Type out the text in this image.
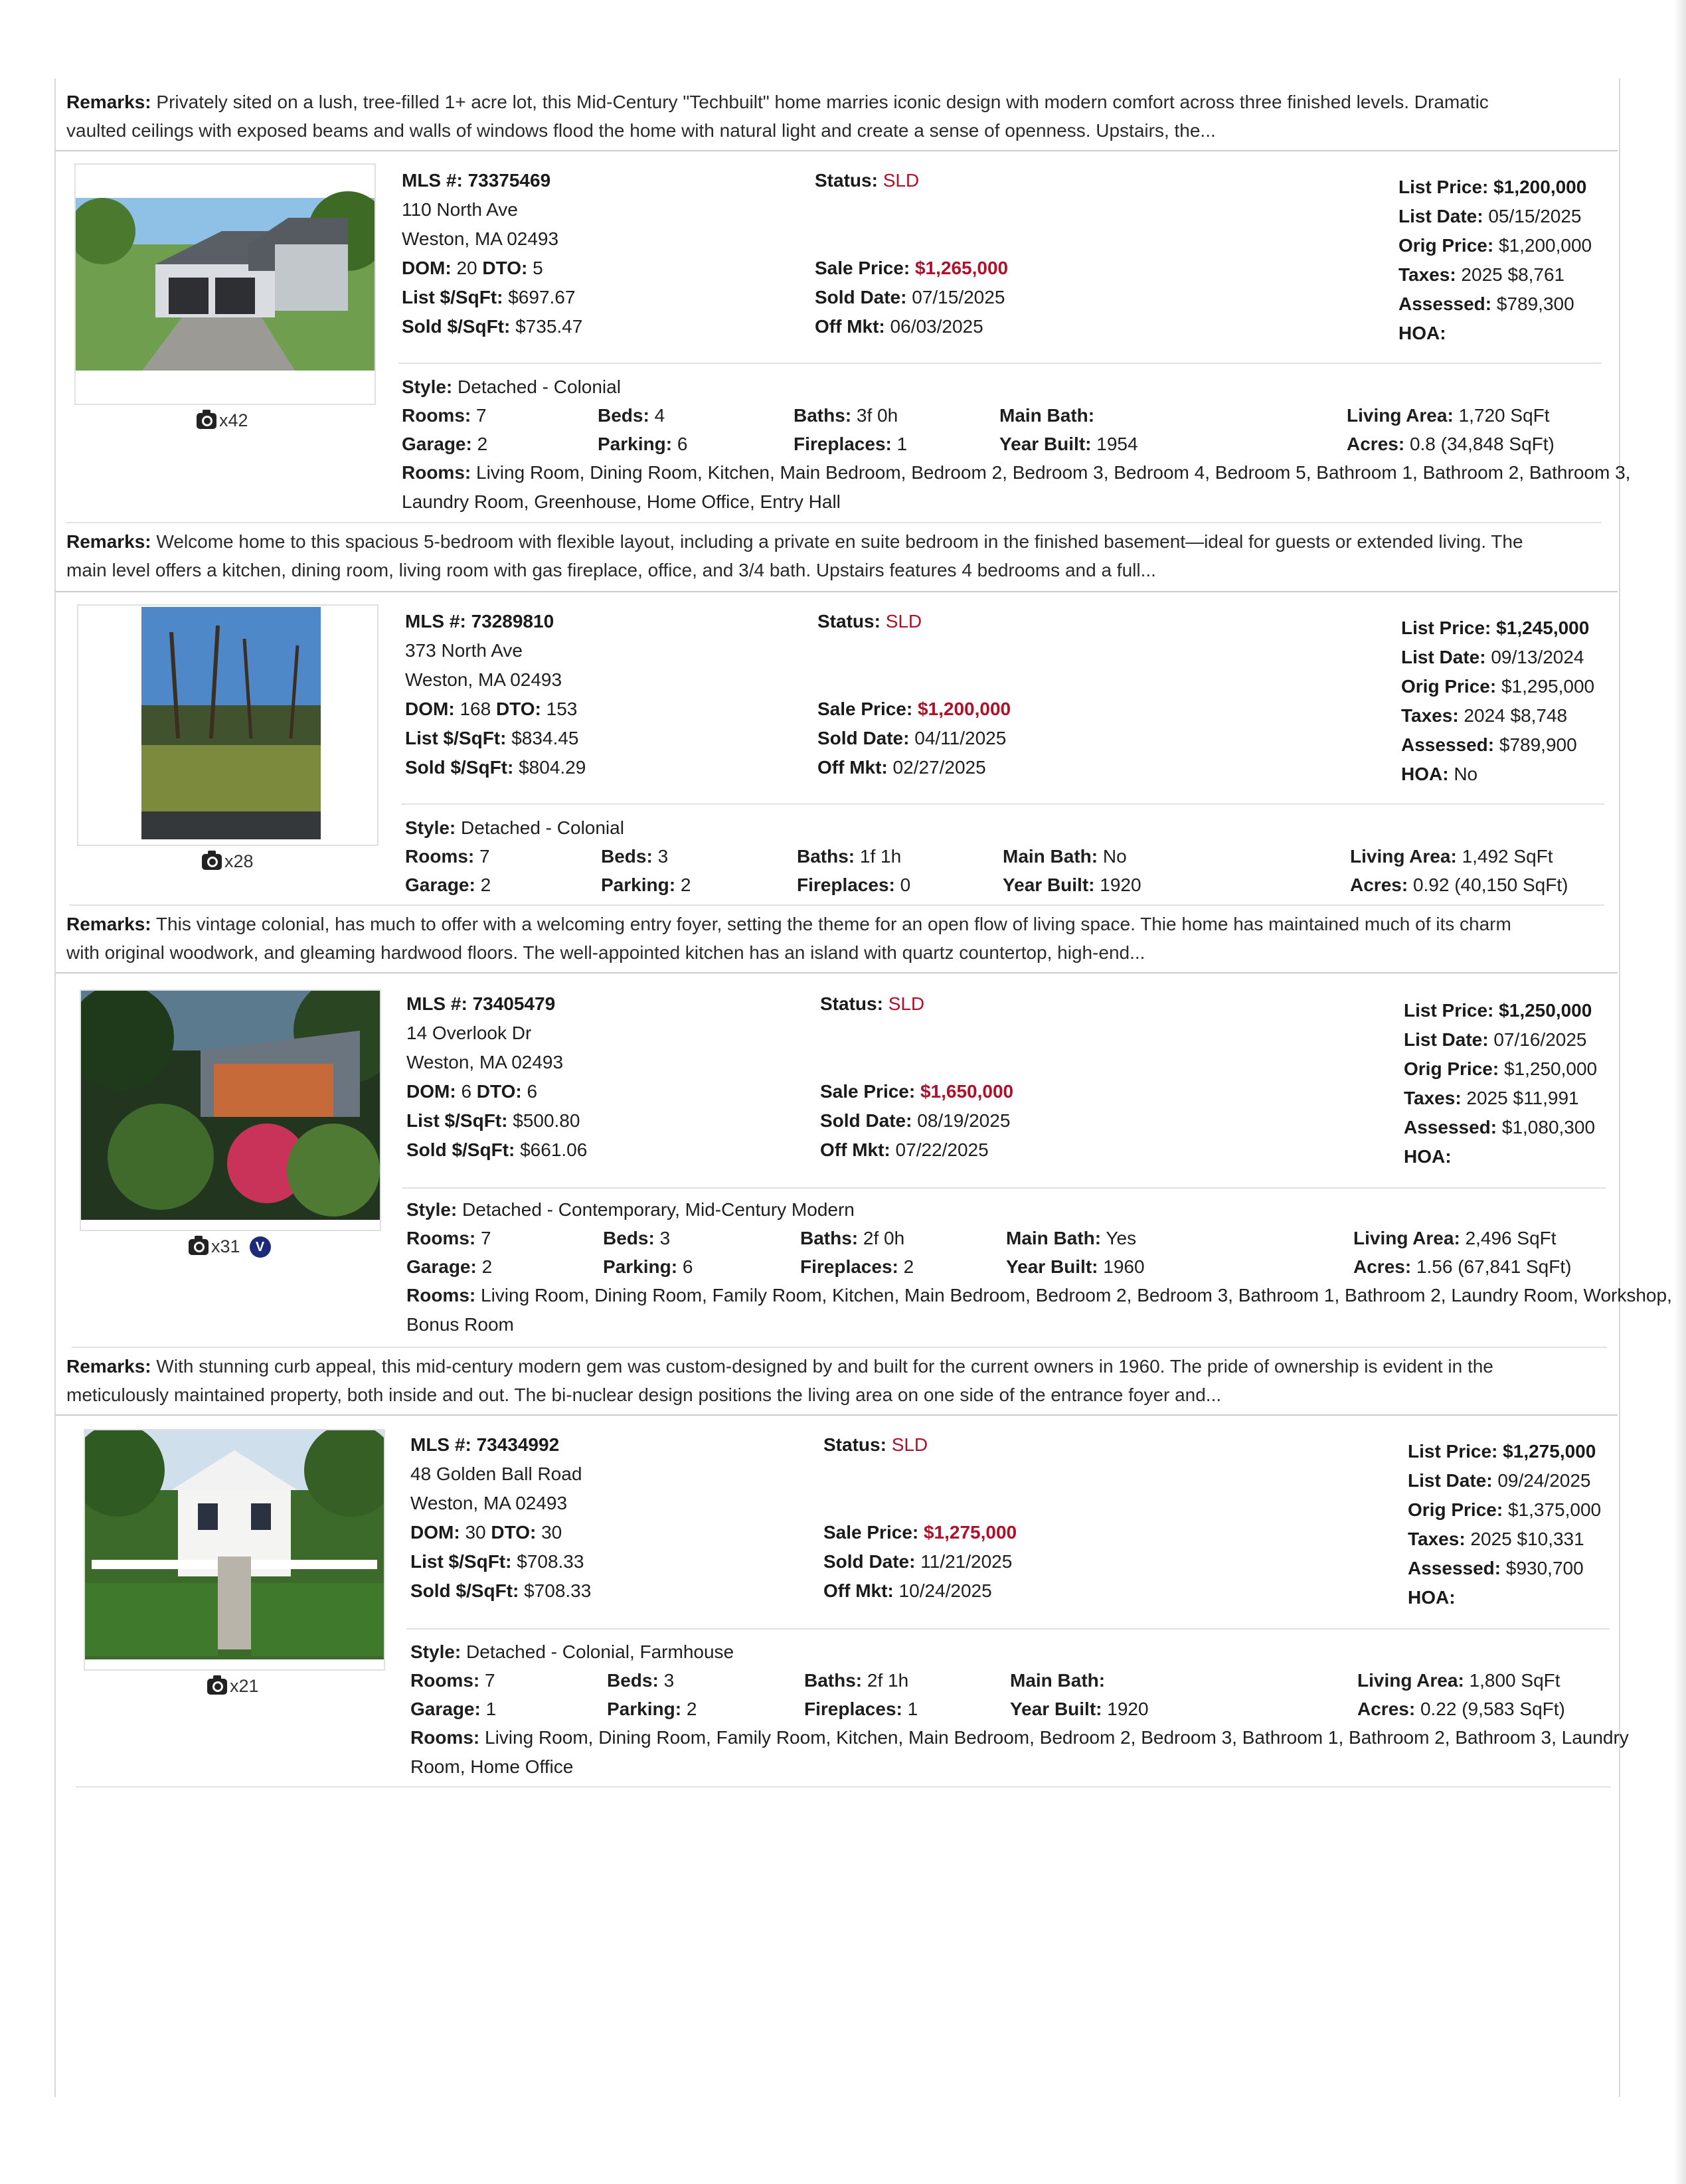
Remarks: Privately sited on a lush, tree-filled 1+ acre lot, this Mid-Century "Techbuilt" home marries iconic design with modern comfort across three finished levels. Dramatic vaulted ceilings with exposed beams and walls of windows flood the home with natural light and create a sense of openness. Upstairs, the...
x42
MLS #: 73375469
110 North Ave
Weston, MA 02493
DOM: 20 DTO: 5
List $/SqFt: $697.67
Sold $/SqFt: $735.47
Status: SLD
Sale Price: $1,265,000
Sold Date: 07/15/2025
Off Mkt: 06/03/2025
List Price: $1,200,000
List Date: 05/15/2025
Orig Price: $1,200,000
Taxes: 2025 $8,761
Assessed: $789,300
HOA:
Style: Detached - Colonial
Rooms: 7	Beds: 4	Baths: 3f 0h	Main Bath:	Living Area: 1,720 SqFt
Garage: 2	Parking: 6	Fireplaces: 1	Year Built: 1954	Acres: 0.8 (34,848 SqFt)
Rooms: Living Room, Dining Room, Kitchen, Main Bedroom, Bedroom 2, Bedroom 3, Bedroom 4, Bedroom 5, Bathroom 1, Bathroom 2, Bathroom 3, Laundry Room, Greenhouse, Home Office, Entry Hall
Remarks: Welcome home to this spacious 5-bedroom with flexible layout, including a private en suite bedroom in the finished basement—ideal for guests or extended living. The main level offers a kitchen, dining room, living room with gas fireplace, office, and 3/4 bath. Upstairs features 4 bedrooms and a full...
x28
MLS #: 73289810
373 North Ave
Weston, MA 02493
DOM: 168 DTO: 153
List $/SqFt: $834.45
Sold $/SqFt: $804.29
Status: SLD
Sale Price: $1,200,000
Sold Date: 04/11/2025
Off Mkt: 02/27/2025
List Price: $1,245,000
List Date: 09/13/2024
Orig Price: $1,295,000
Taxes: 2024 $8,748
Assessed: $789,900
HOA: No
Style: Detached - Colonial
Rooms: 7	Beds: 3	Baths: 1f 1h	Main Bath: No	Living Area: 1,492 SqFt
Garage: 2	Parking: 2	Fireplaces: 0	Year Built: 1920	Acres: 0.92 (40,150 SqFt)
Remarks: This vintage colonial, has much to offer with a welcoming entry foyer, setting the theme for an open flow of living space. Thie home has maintained much of its charm with original woodwork, and gleaming hardwood floors. The well-appointed kitchen has an island with quartz countertop, high-end...
x31	V
MLS #: 73405479
14 Overlook Dr
Weston, MA 02493
DOM: 6 DTO: 6
List $/SqFt: $500.80
Sold $/SqFt: $661.06
Status: SLD
Sale Price: $1,650,000
Sold Date: 08/19/2025
Off Mkt: 07/22/2025
List Price: $1,250,000
List Date: 07/16/2025
Orig Price: $1,250,000
Taxes: 2025 $11,991
Assessed: $1,080,300
HOA:
Style: Detached - Contemporary, Mid-Century Modern
Rooms: 7	Beds: 3	Baths: 2f 0h	Main Bath: Yes	Living Area: 2,496 SqFt
Garage: 2	Parking: 6	Fireplaces: 2	Year Built: 1960	Acres: 1.56 (67,841 SqFt)
Rooms: Living Room, Dining Room, Family Room, Kitchen, Main Bedroom, Bedroom 2, Bedroom 3, Bathroom 1, Bathroom 2, Laundry Room, Workshop, Bonus Room
Remarks: With stunning curb appeal, this mid-century modern gem was custom-designed by and built for the current owners in 1960. The pride of ownership is evident in the meticulously maintained property, both inside and out. The bi-nuclear design positions the living area on one side of the entrance foyer and...
x21
MLS #: 73434992
48 Golden Ball Road
Weston, MA 02493
DOM: 30 DTO: 30
List $/SqFt: $708.33
Sold $/SqFt: $708.33
Status: SLD
Sale Price: $1,275,000
Sold Date: 11/21/2025
Off Mkt: 10/24/2025
List Price: $1,275,000
List Date: 09/24/2025
Orig Price: $1,375,000
Taxes: 2025 $10,331
Assessed: $930,700
HOA:
Style: Detached - Colonial, Farmhouse
Rooms: 7	Beds: 3	Baths: 2f 1h	Main Bath:	Living Area: 1,800 SqFt
Garage: 1	Parking: 2	Fireplaces: 1	Year Built: 1920	Acres: 0.22 (9,583 SqFt)
Rooms: Living Room, Dining Room, Family Room, Kitchen, Main Bedroom, Bedroom 2, Bedroom 3, Bathroom 1, Bathroom 2, Bathroom 3, Laundry Room, Home Office
